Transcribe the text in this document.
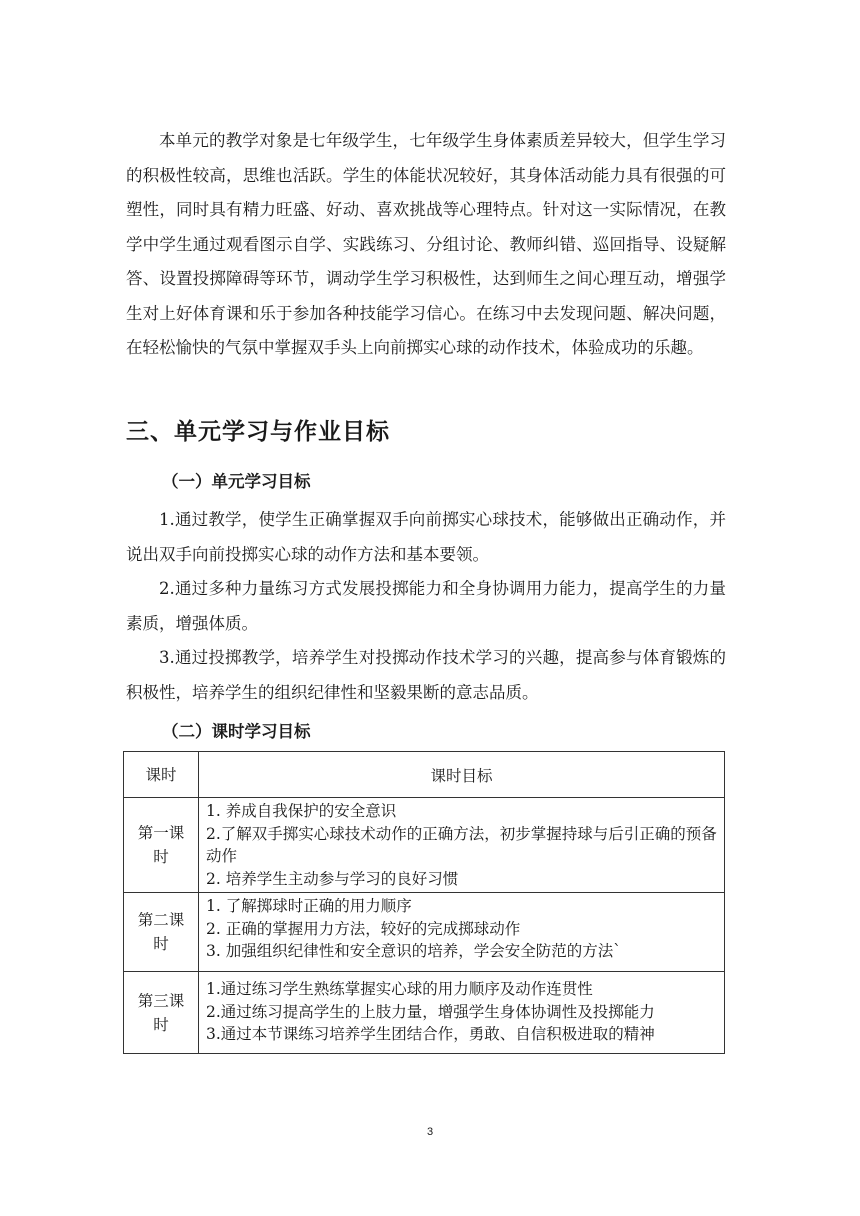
本单元的教学对象是七年级学生，七年级学生身体素质差异较大，但学生学习的积极性较高，思维也活跃。学生的体能状况较好，其身体活动能力具有很强的可塑性，同时具有精力旺盛、好动、喜欢挑战等心理特点。针对这一实际情况，在教学中学生通过观看图示自学、实践练习、分组讨论、教师纠错、巡回指导、设疑解答、设置投掷障碍等环节，调动学生学习积极性，达到师生之间心理互动，增强学生对上好体育课和乐于参加各种技能学习信心。在练习中去发现问题、解决问题，在轻松愉快的气氛中掌握双手头上向前掷实心球的动作技术，体验成功的乐趣。

三、单元学习与作业目标
（一）单元学习目标

1.通过教学，使学生正确掌握双手向前掷实心球技术，能够做出正确动作，并说出双手向前投掷实心球的动作方法和基本要领。

2.通过多种力量练习方式发展投掷能力和全身协调用力能力，提高学生的力量素质，增强体质。

3.通过投掷教学，培养学生对投掷动作技术学习的兴趣，提高参与体育锻炼的积极性，培养学生的组织纪律性和坚毅果断的意志品质。

（二）课时学习目标
课时	课时目标

第一课时	1. 养成自我保护的安全意识
2.了解双手掷实心球技术动作的正确方法，初步掌握持球与后引正确的预备动作
2. 培养学生主动参与学习的良好习惯

第二课时	1. 了解掷球时正确的用力顺序
2. 正确的掌握用力方法，较好的完成掷球动作
3. 加强组织纪律性和安全意识的培养，学会安全防范的方法`

第三课时	1.通过练习学生熟练掌握实心球的用力顺序及动作连贯性
2.通过练习提高学生的上肢力量，增强学生身体协调性及投掷能力
3.通过本节课练习培养学生团结合作，勇敢、自信积极进取的精神
3
